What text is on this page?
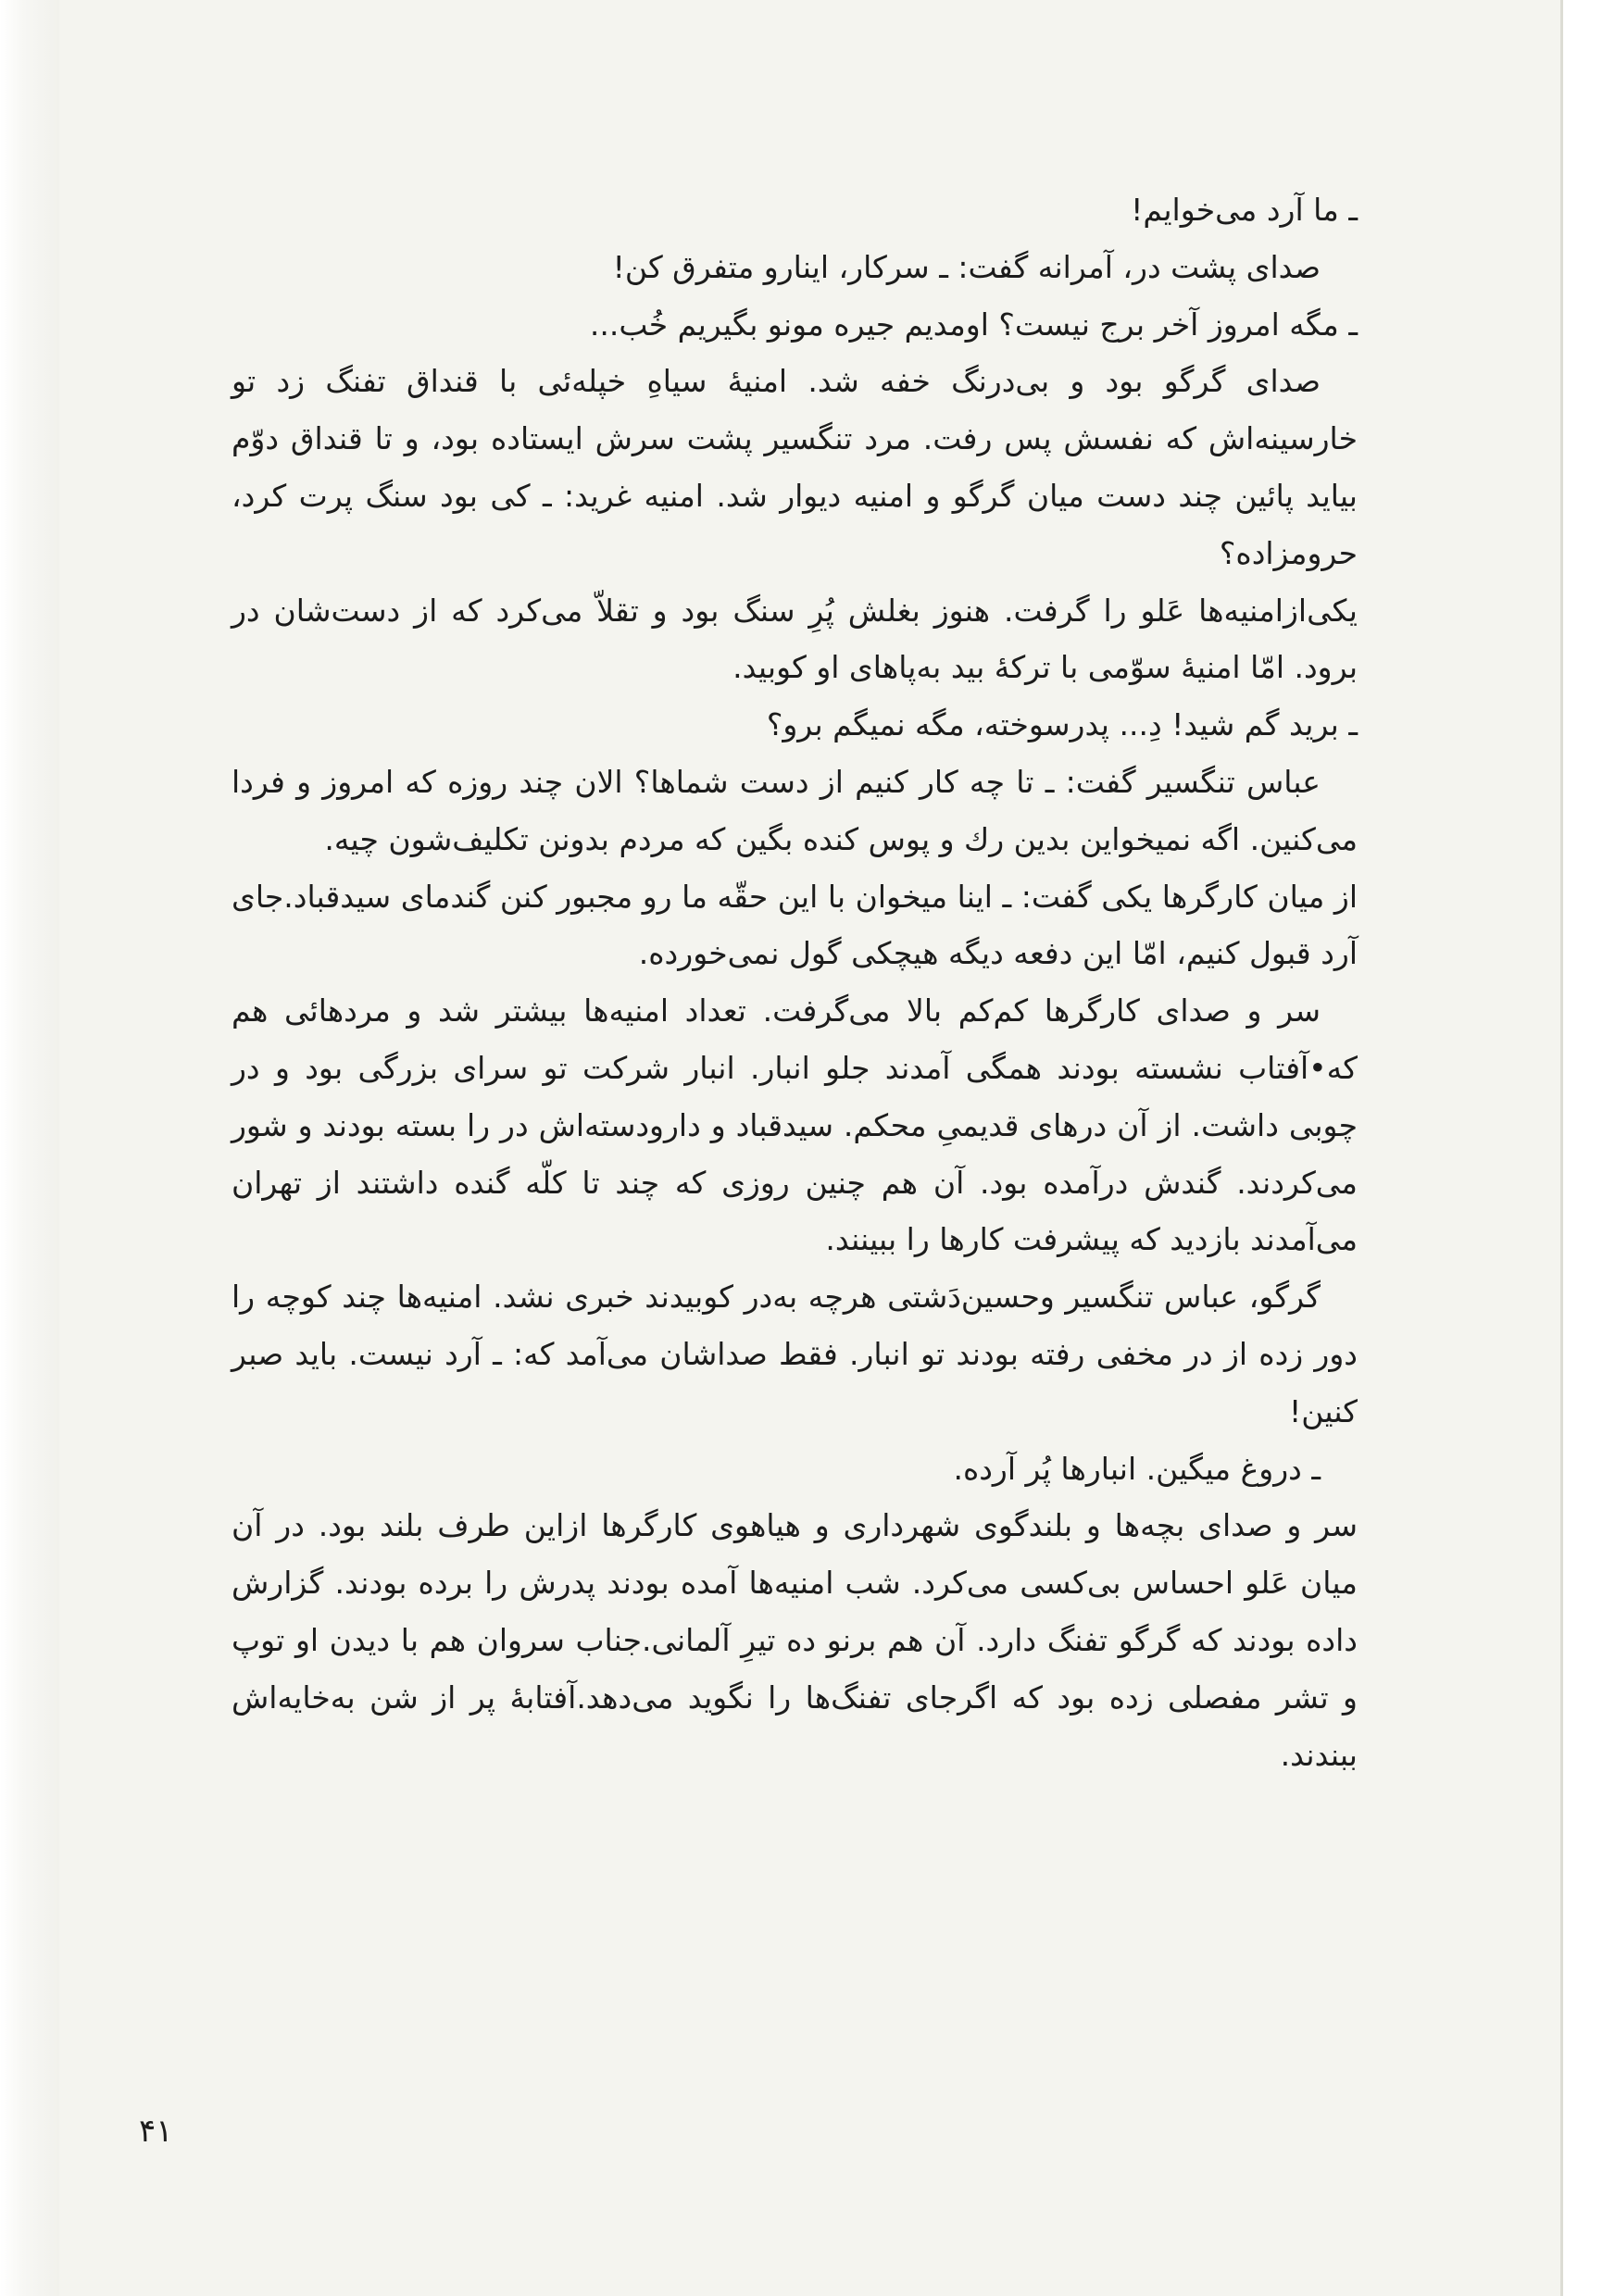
ـ ما آرد می‌خوایم!

صدای پشت در، آمرانه گفت: ـ سرکار، اینارو متفرق کن!

ـ مگه امروز آخر برج نیست؟ اومدیم جیره مونو بگیریم خُب...

صدای گرگو بود و بی‌درنگ خفه شد. امنیهٔ سیاهِ خپله‌ئی با قنداق تفنگ زد تو خارسینه‌اش که نفسش پس رفت. مرد تنگسیر پشت سرش ایستاده بود، و تا قنداق دوّم بیاید پائین چند دست میان گرگو و امنیه دیوار شد. امنیه غرید: ـ کی بود سنگ پرت کرد، حرومزاده؟

یکی‌ازامنیه‌ها عَلو را گرفت. هنوز بغلش پُرِ سنگ بود و تقلاّ می‌کرد که از دست‌شان در برود. امّا امنیهٔ سوّمی با ترکهٔ بید به‌پاهای او کوبید.

ـ برید گم شید! دِ... پدرسوخته، مگه نمیگم برو؟

عباس تنگسیر گفت: ـ تا چه کار کنیم از دست شماها؟ الان چند روزه که امروز و فردا می‌کنین. اگه نمیخواین بدین رك و پوس کنده بگین که مردم بدونن تکلیف‌شون چیه.

از میان کارگرها یکی گفت: ـ اینا میخوان با این حقّه ما رو مجبور کنن گندمای سیدقباد.جای آرد قبول کنیم، امّا این دفعه دیگه هیچکی گول نمی‌خورده.

سر و صدای کارگرها کم‌کم بالا می‌گرفت. تعداد امنیه‌ها بیشتر شد و مردهائی هم که•آفتاب نشسته بودند همگی آمدند جلو انبار. انبار شرکت تو سرای بزرگی بود و در چوبی داشت. از آن درهای قدیمیِ محکم. سیدقباد و دارودسته‌اش در را بسته بودند و شور می‌کردند. گندش درآمده بود. آن هم چنین روزی که چند تا کلّه گنده داشتند از تهران می‌آمدند بازدید که پیشرفت کارها را ببینند.

گرگو، عباس تنگسیر وحسین‌دَشتی هرچه به‌در کوبیدند خبری نشد. امنیه‌ها چند کوچه را دور زده از در مخفی رفته بودند تو انبار. فقط صداشان می‌آمد که: ـ آرد نیست. باید صبر کنین!

ـ دروغ میگین. انبارها پُر آرده.

سر و صدای بچه‌ها و بلندگوی شهرداری و هیاهوی کارگرها ازاین طرف بلند بود. در آن میان عَلو احساس بی‌کسی می‌کرد. شب امنیه‌ها آمده بودند پدرش را برده بودند. گزارش داده بودند که گرگو تفنگ دارد. آن هم برنو ده تیرِ آلمانی.جناب سروان هم با دیدن او توپ و تشر مفصلی زده بود که اگرجای تفنگ‌ها را نگوید می‌دهد.آفتابهٔ پر از شن به‌خایه‌اش ببندند.

۴۱
